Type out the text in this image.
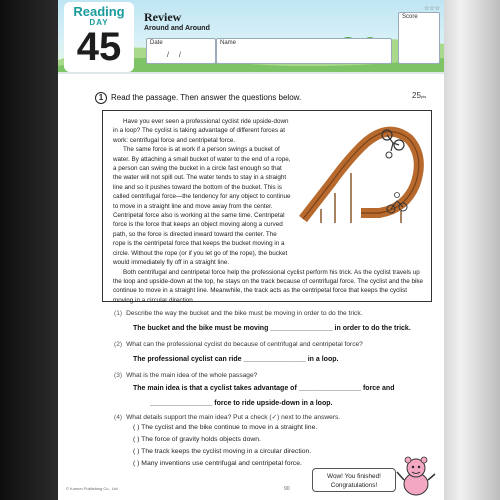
Reading
DAY
45
Review
Around and Around
Date
/ /
Name
☆☆☆
Score
1 Read the passage. Then answer the questions below.	25pts

Have you ever seen a professional cyclist ride upside-down in a loop? The cyclist is taking advantage of different forces at work: centrifugal force and centripetal force.

The same force is at work if a person swings a bucket of water. By attaching a small bucket of water to the end of a rope, a person can swing the bucket in a circle fast enough so that the water will not spill out. The water tends to stay in a straight line and so it pushes toward the bottom of the bucket. This is called centrifugal force—the tendency for any object to continue to move in a straight line and move away from the center. Centripetal force also is working at the same time. Centripetal force is the force that keeps an object moving along a curved path, so the force is directed inward toward the center. The rope is the centripetal force that keeps the bucket moving in a circle. Without the rope (or if you let go of the rope), the bucket would immediately fly off in a straight line.

Both centrifugal and centripetal force help the professional cyclist perform his trick. As the cyclist travels up the loop and upside-down at the top, he stays on the track because of centrifugal force. The cyclist and the bike continue to move in a straight line. Meanwhile, the track acts as the centripetal force that keeps the cyclist moving in a circular direction.

(1) Describe the way the bucket and the bike must be moving in order to do the trick.
The bucket and the bike must be moving ________________ in order to do the trick.
(2) What can the professional cyclist do because of centrifugal and centripetal force?
The professional cyclist can ride ________________ in a loop.
(3) What is the main idea of the whole passage?
The main idea is that a cyclist takes advantage of ________________ force and
________________ force to ride upside-down in a loop.
(4) What details support the main idea? Put a check (✓) next to the answers.
( ) The cyclist and the bike continue to move in a straight line.
( ) The force of gravity holds objects down.
( ) The track keeps the cyclist moving in a circular direction.
( ) Many inventions use centrifugal and centripetal force.
© Kumon Publishing Co., Ltd.	90
Wow! You finished!
Congratulations!
